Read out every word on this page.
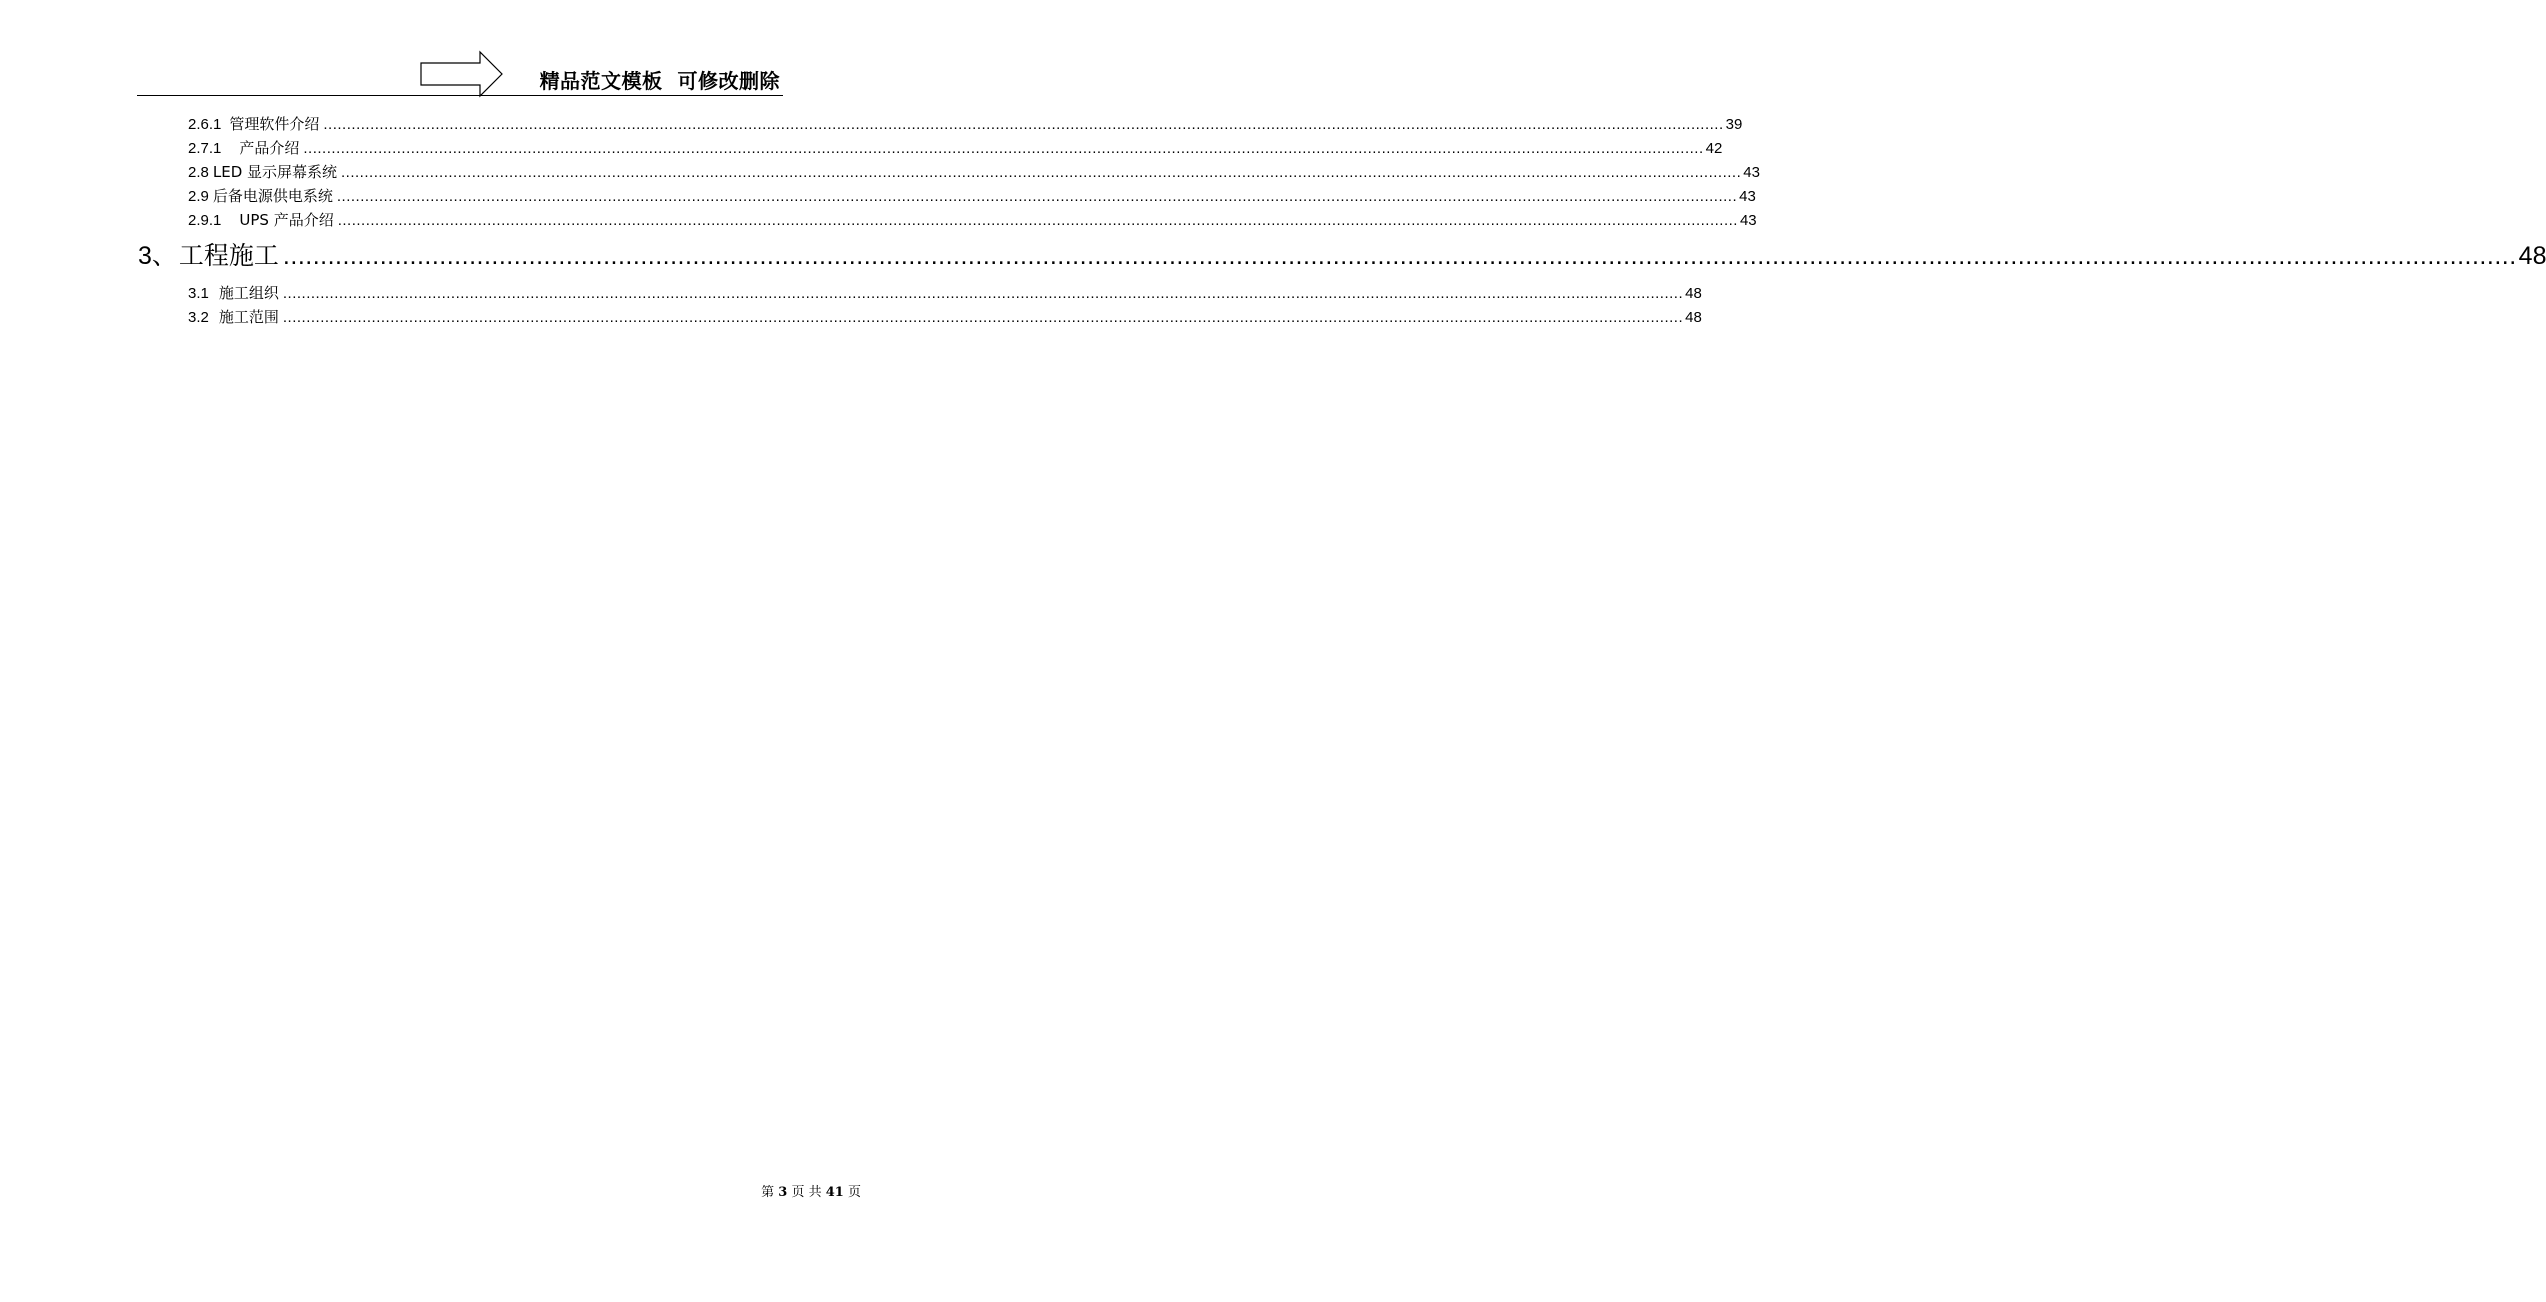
精品范文模板  可修改删除
2.6.1 管理软件介绍 ............................................................................................................................................................................................................................................................................................................ 39
2.7.1 产品介绍 ............................................................................................................................................................................................................................................................................................................ 42
2.8 LED 显示屏幕系统 ............................................................................................................................................................................................................................................................................................................ 43
2.9 后备电源供电系统 ............................................................................................................................................................................................................................................................................................................ 43
2.9.1 UPS 产品介绍 ............................................................................................................................................................................................................................................................................................................ 43
3、 工程施工 ............................................................................................................................................................................................................................................................................................................ 48
3.1 施工组织 ............................................................................................................................................................................................................................................................................................................ 48
3.2 施工范围 ............................................................................................................................................................................................................................................................................................................ 48
第 3 页 共 41 页
